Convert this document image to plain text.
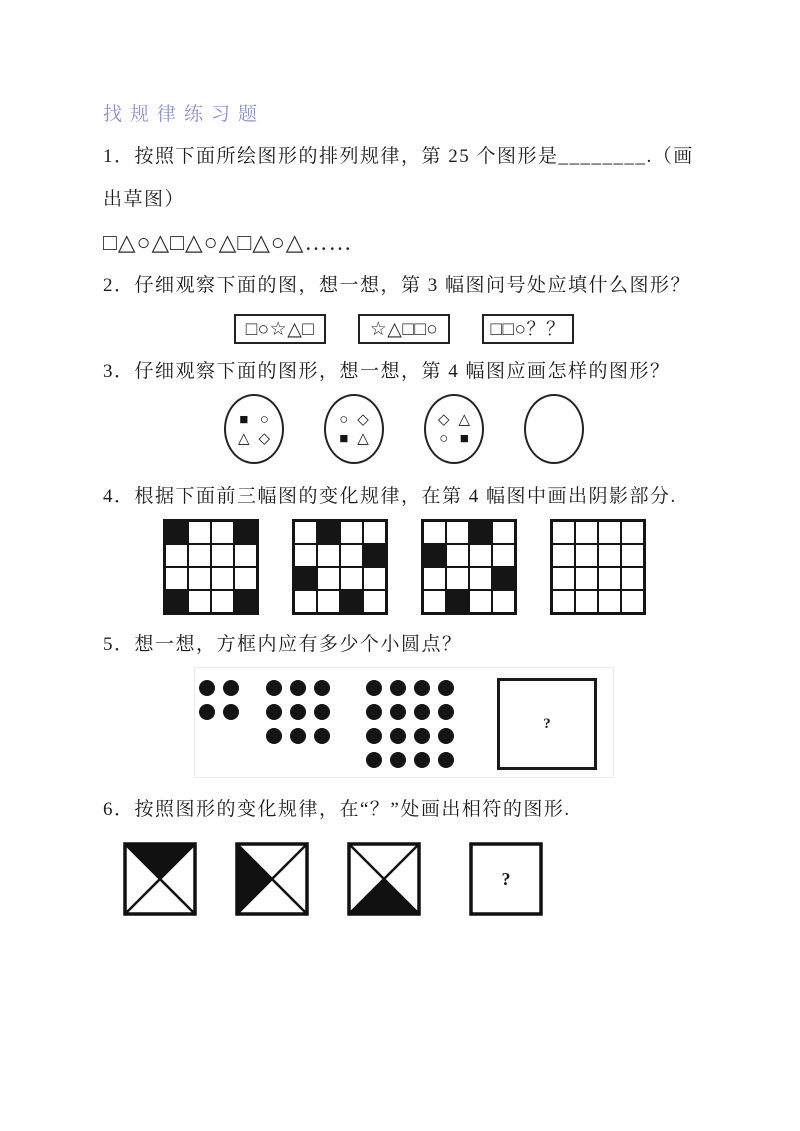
找规律练习题
1．按照下面所绘图形的排列规律，第 25 个图形是________.（画
出草图）
□△○△□△○△□△○△……
2．仔细观察下面的图，想一想，第 3 幅图问号处应填什么图形？
□○☆△□	☆△□□○	□□○？？
3．仔细观察下面的图形，想一想，第 4 幅图应画怎样的图形？
■ ○
△ ◇
○ ◇
■ △
◇ △
○ ■
4．根据下面前三幅图的变化规律，在第 4 幅图中画出阴影部分.
5．想一想，方框内应有多少个小圆点？
?
6．按照图形的变化规律，在“？”处画出相符的图形.
?
